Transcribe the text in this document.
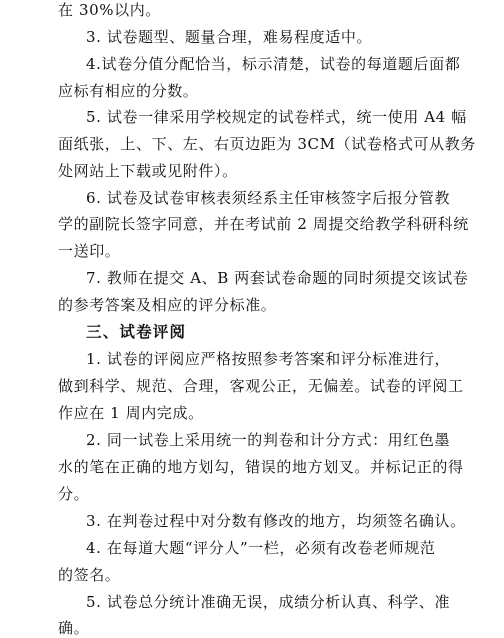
在 30%以内。
3. 试卷题型、题量合理，难易程度适中。
4.试卷分值分配恰当，标示清楚，试卷的每道题后面都
应标有相应的分数。
5. 试卷一律采用学校规定的试卷样式，统一使用 A4 幅
面纸张，上、下、左、右页边距为 3CM（试卷格式可从教务
处网站上下载或见附件）。
6. 试卷及试卷审核表须经系主任审核签字后报分管教
学的副院长签字同意，并在考试前 2 周提交给教学科研科统
一送印。
7. 教师在提交 A、B 两套试卷命题的同时须提交该试卷
的参考答案及相应的评分标准。
三、试卷评阅
1. 试卷的评阅应严格按照参考答案和评分标准进行，
做到科学、规范、合理，客观公正，无偏差。试卷的评阅工
作应在 1 周内完成。
2. 同一试卷上采用统一的判卷和计分方式：用红色墨
水的笔在正确的地方划勾，错误的地方划叉。并标记正的得
分。
3. 在判卷过程中对分数有修改的地方，均须签名确认。
4. 在每道大题“评分人”一栏，必须有改卷老师规范
的签名。
5. 试卷总分统计准确无误，成绩分析认真、科学、准
确。
